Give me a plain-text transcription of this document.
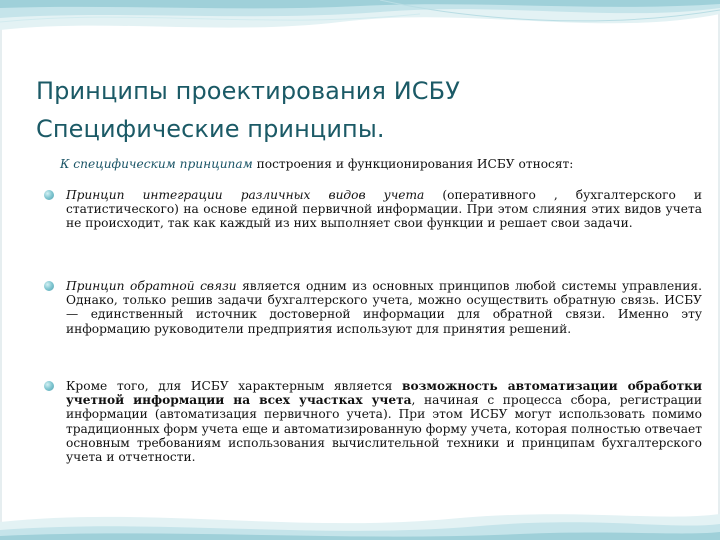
Принципы проектирования ИСБУ
Специфические принципы.
К специфическим принципам построения и функционирования ИСБУ относят:
Принцип интеграции различных видов учета (оперативного , бухгалтерского и статистического) на основе единой первичной информации. При этом слияния этих видов учета не происходит, так как каждый из них выполняет свои функции и решает свои задачи.
Принцип обратной связи является одним из основных принципов любой системы управления. Однако, только решив задачи бухгалтерского учета, можно осуществить обратную связь. ИСБУ — единственный источник достоверной информации для обратной связи. Именно эту информацию руководители предприятия используют для принятия решений.
Кроме того, для ИСБУ характерным является возможность автоматизации обработки учетной информации на всех участках учета, начиная с процесса сбора, регистрации информации (автоматизация первичного учета). При этом ИСБУ могут использовать помимо традиционных форм учета еще и автоматизированную форму учета, которая полностью отвечает основным требованиям использования вычислительной техники и принципам бухгалтерского учета и отчетности.
